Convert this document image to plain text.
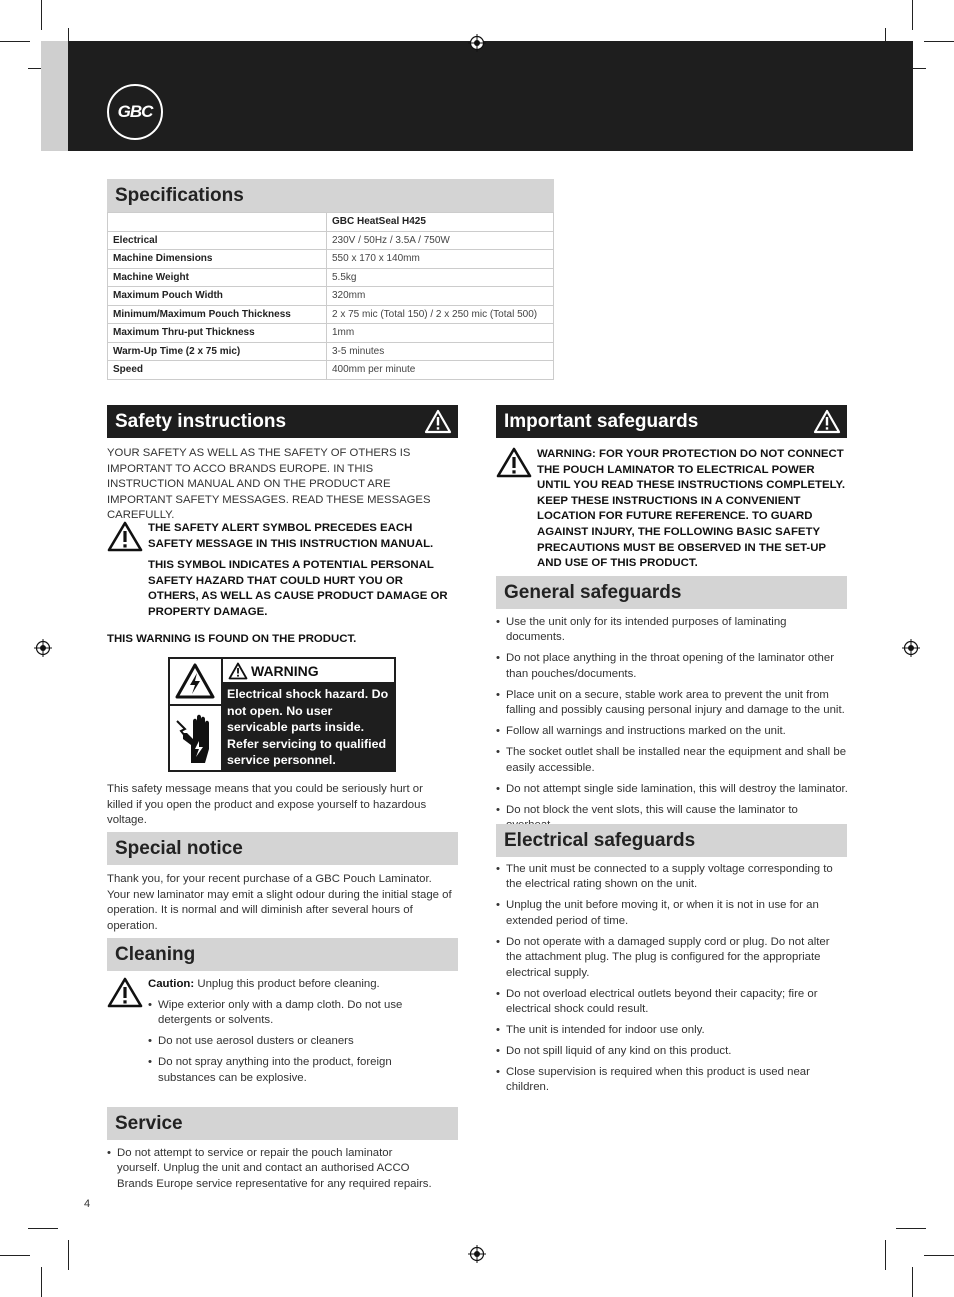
GBC
Specifications
	GBC HeatSeal H425
Electrical	230V / 50Hz / 3.5A / 750W
Machine Dimensions	550 x 170 x 140mm
Machine Weight	5.5kg
Maximum Pouch Width	320mm
Minimum/Maximum Pouch Thickness	2 x 75 mic (Total 150) / 2 x 250 mic (Total 500)
Maximum Thru-put Thickness	1mm
Warm-Up Time (2 x 75 mic)	3-5 minutes
Speed	400mm per minute
Safety instructions
YOUR SAFETY AS WELL AS THE SAFETY OF OTHERS IS IMPORTANT TO ACCO BRANDS EUROPE. IN THIS INSTRUCTION MANUAL AND ON THE PRODUCT ARE IMPORTANT SAFETY MESSAGES. READ THESE MESSAGES CAREFULLY.
THE SAFETY ALERT SYMBOL PRECEDES EACH SAFETY MESSAGE IN THIS INSTRUCTION MANUAL.
THIS SYMBOL INDICATES A POTENTIAL PERSONAL SAFETY HAZARD THAT COULD HURT YOU OR OTHERS, AS WELL AS CAUSE PRODUCT DAMAGE OR PROPERTY DAMAGE.
THIS WARNING IS FOUND ON THE PRODUCT.
WARNING
Electrical shock hazard. Do not open. No user servicable parts inside. Refer servicing to qualified service personnel.
This safety message means that you could be seriously hurt or killed if you open the product and expose yourself to hazardous voltage.
Special notice
Thank you, for your recent purchase of a GBC Pouch Laminator. Your new laminator may emit a slight odour during the initial stage of operation. It is normal and will diminish after several hours of operation.
Cleaning
Caution: Unplug this product before cleaning.
• Wipe exterior only with a damp cloth. Do not use detergents or solvents.
• Do not use aerosol dusters or cleaners
• Do not spray anything into the product, foreign substances can be explosive.
Service
• Do not attempt to service or repair the pouch laminator yourself. Unplug the unit and contact an authorised ACCO Brands Europe service representative for any required repairs.
Important safeguards
WARNING: FOR YOUR PROTECTION DO NOT CONNECT THE POUCH LAMINATOR TO ELECTRICAL POWER UNTIL YOU READ THESE INSTRUCTIONS COMPLETELY. KEEP THESE INSTRUCTIONS IN A CONVENIENT LOCATION FOR FUTURE REFERENCE. TO GUARD AGAINST INJURY, THE FOLLOWING BASIC SAFETY PRECAUTIONS MUST BE OBSERVED IN THE SET-UP AND USE OF THIS PRODUCT.
General safeguards
• Use the unit only for its intended purposes of laminating documents.
• Do not place anything in the throat opening of the laminator other than pouches/documents.
• Place unit on a secure, stable work area to prevent the unit from falling and possibly causing personal injury and damage to the unit.
• Follow all warnings and instructions marked on the unit.
• The socket outlet shall be installed near the equipment and shall be easily accessible.
• Do not attempt single side lamination, this will destroy the laminator.
• Do not block the vent slots, this will cause the laminator to
Electrical safeguards
• The unit must be connected to a supply voltage corresponding to the electrical rating shown on the unit.
• Unplug the unit before moving it, or when it is not in use for an extended period of time.
• Do not operate with a damaged supply cord or plug. Do not alter the attachment plug. The plug is configured for the appropriate electrical supply.
• Do not overload electrical outlets beyond their capacity; fire or electrical shock could result.
• The unit is intended for indoor use only.
• Do not spill liquid of any kind on this product.
• Close supervision is required when this product is used near children.
4
